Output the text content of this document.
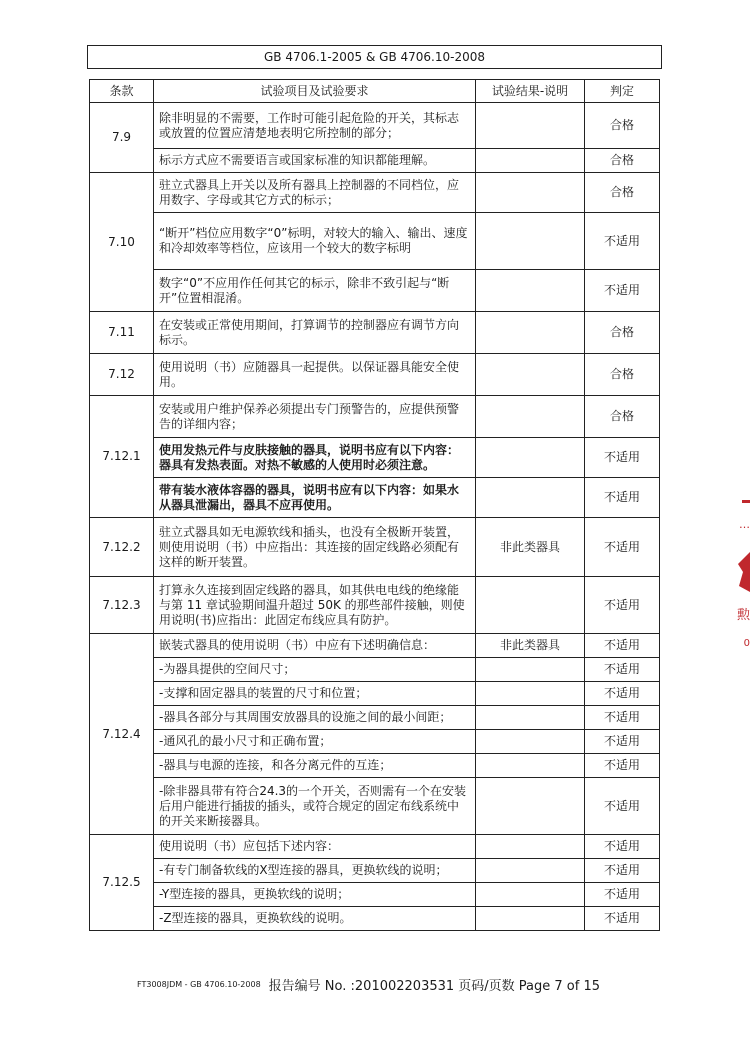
GB 4706.1-2005 & GB 4706.10-2008
条款	试验项目及试验要求	试验结果-说明	判定
7.9	除非明显的不需要，工作时可能引起危险的开关，其标志或放置的位置应清楚地表明它所控制的部分；		合格
	标示方式应不需要语言或国家标准的知识都能理解。		合格
7.10	驻立式器具上开关以及所有器具上控制器的不同档位，应用数字、字母或其它方式的标示；		合格
	“断开”档位应用数字“0”标明，对较大的输入、输出、速度和冷却效率等档位，应该用一个较大的数字标明		不适用
	数字“0”不应用作任何其它的标示，除非不致引起与“断开”位置相混淆。		不适用
7.11	在安装或正常使用期间，打算调节的控制器应有调节方向标示。		合格
7.12	使用说明（书）应随器具一起提供。以保证器具能安全使用。		合格
7.12.1	安装或用户维护保养必须提出专门预警告的，应提供预警告的详细内容；		合格
	使用发热元件与皮肤接触的器具，说明书应有以下内容：器具有发热表面。对热不敏感的人使用时必须注意。		不适用
	带有装水液体容器的器具，说明书应有以下内容：如果水从器具泄漏出，器具不应再使用。		不适用
7.12.2	驻立式器具如无电源软线和插头，也没有全极断开装置，则使用说明（书）中应指出：其连接的固定线路必须配有这样的断开装置。	非此类器具	不适用
7.12.3	打算永久连接到固定线路的器具，如其供电电线的绝缘能与第 11 章试验期间温升超过 50K 的那些部件接触，则使用说明(书)应指出：此固定布线应具有防护。		不适用
7.12.4	嵌装式器具的使用说明（书）中应有下述明确信息：	非此类器具	不适用
	-为器具提供的空间尺寸；		不适用
	-支撑和固定器具的装置的尺寸和位置；		不适用
	-器具各部分与其周围安放器具的设施之间的最小间距；		不适用
	-通风孔的最小尺寸和正确布置；		不适用
	-器具与电源的连接，和各分离元件的互连；		不适用
	-除非器具带有符合24.3的一个开关，否则需有一个在安装后用户能进行插拔的插头，或符合规定的固定布线系统中的开关来断接器具。		不适用
7.12.5	使用说明（书）应包括下述内容：		不适用
	-有专门制备软线的X型连接的器具，更换软线的说明；		不适用
	-Y型连接的器具，更换软线的说明；		不适用
	-Z型连接的器具，更换软线的说明。		不适用
FT3008JDM - GB 4706.10-2008 报告编号 No. :201002203531 页码/页数 Page 7 of 15
…
勲
0
